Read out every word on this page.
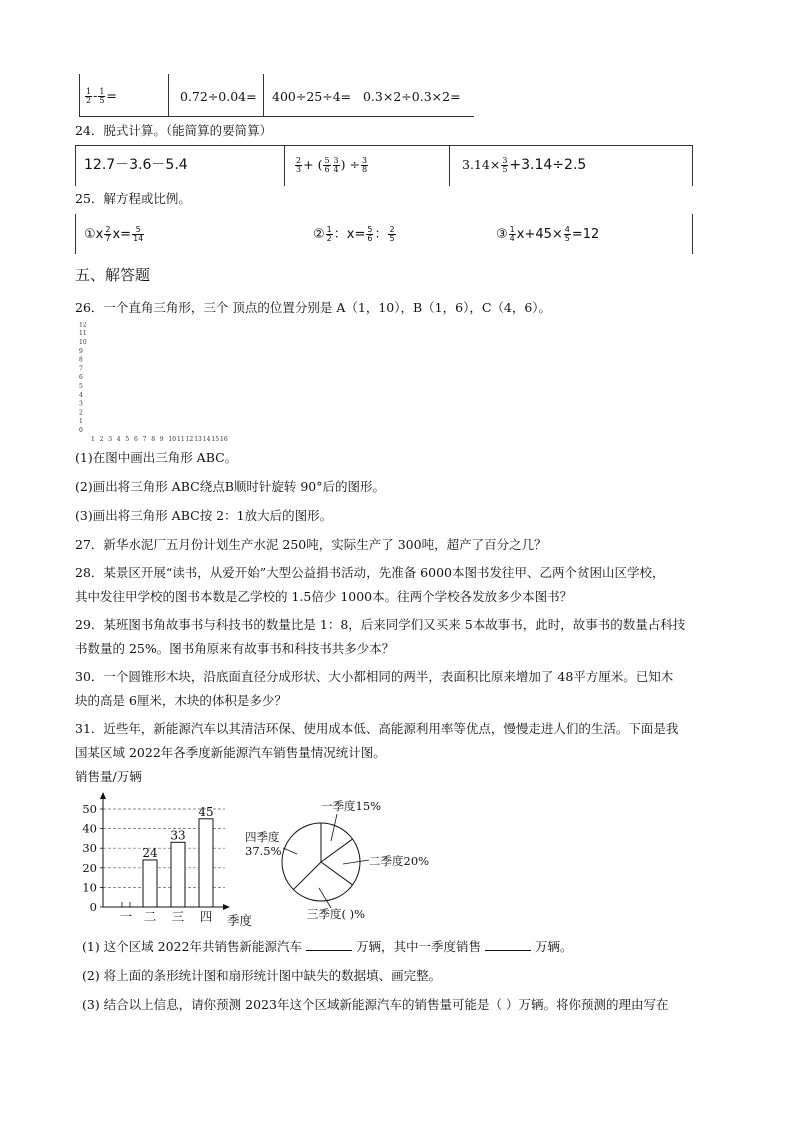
$\frac{1}{2} - \frac{1}{5}$ =	0.72÷0.04= 400÷25÷4= 0.3×2÷0.3×2=
24．脱式计算。（能简算的要简算）
12.7－3.6－5.4	$\frac{2}{3}$ + ( $\frac{5}{6} \frac{3}{4}$ ) ÷ $\frac{3}{8}$	$3.14\times \frac{3}{5} +3.14\div 2.5$
25．解方程或比例。
①x $\frac{2}{7} x= \frac{5}{14}$	② $\frac{1}{2}$ ：$x= \frac{5}{6}$ ： $\frac{2}{5}$	③ $\frac{1}{4} x+45\times \frac{4}{5} =12$
五、解答题
26．一个直角三角形，三个 顶点的位置分别是 A（1，10），B（1，6），C（4，6）。
12
11
10
9
8
7
6
5
4
3
2
1
0
1 2 3 4 5 6 7 8 9 10 11 12 13 14 15 16
(1)在图中画出三角形 ABC。
(2)画出将三角形 ABC绕点B顺时针旋转 90°后的图形。
(3)画出将三角形 ABC按 2：1放大后的图形。
27．新华水泥厂五月份计划生产水泥 250吨，实际生产了 300吨，超产了百分之几？
28．某景区开展“读书，从爱开始”大型公益捐书活动，先准备 6000本图书发往甲、乙两个贫困山区学校，
其中发往甲学校的图书本数是乙学校的 1.5倍少 1000本。往两个学校各发放多少本图书？
29．某班图书角故事书与科技书的数量比是 1：8，后来同学们又买来 5本故事书，此时，故事书的数量占科技
书数量的 25%。图书角原来有故事书和科技书共多少本？
30．一个圆锥形木块，沿底面直径分成形状、大小都相同的两半，表面积比原来增加了 48平方厘米。已知木
块的高是 6厘米，木块的体积是多少？
31．近些年，新能源汽车以其清洁环保、使用成本低、高能源利用率等优点，慢慢走进人们的生活。下面是我
国某区域 2022年各季度新能源汽车销售量情况统计图。
销售量/万辆
0
10
20
30
40
50
一
24
二
33
三
45
四 季度
一季度15%
二季度20%
三季度( )%
四季度
37.5%
(1) 这个区域 2022年共销售新能源汽车	万辆，其中一季度销售	万辆。
(2) 将上面的条形统计图和扇形统计图中缺失的数据填、画完整。
(3) 结合以上信息，请你预测 2023年这个区域新能源汽车的销售量可能是（ ）万辆。将你预测的理由写在
